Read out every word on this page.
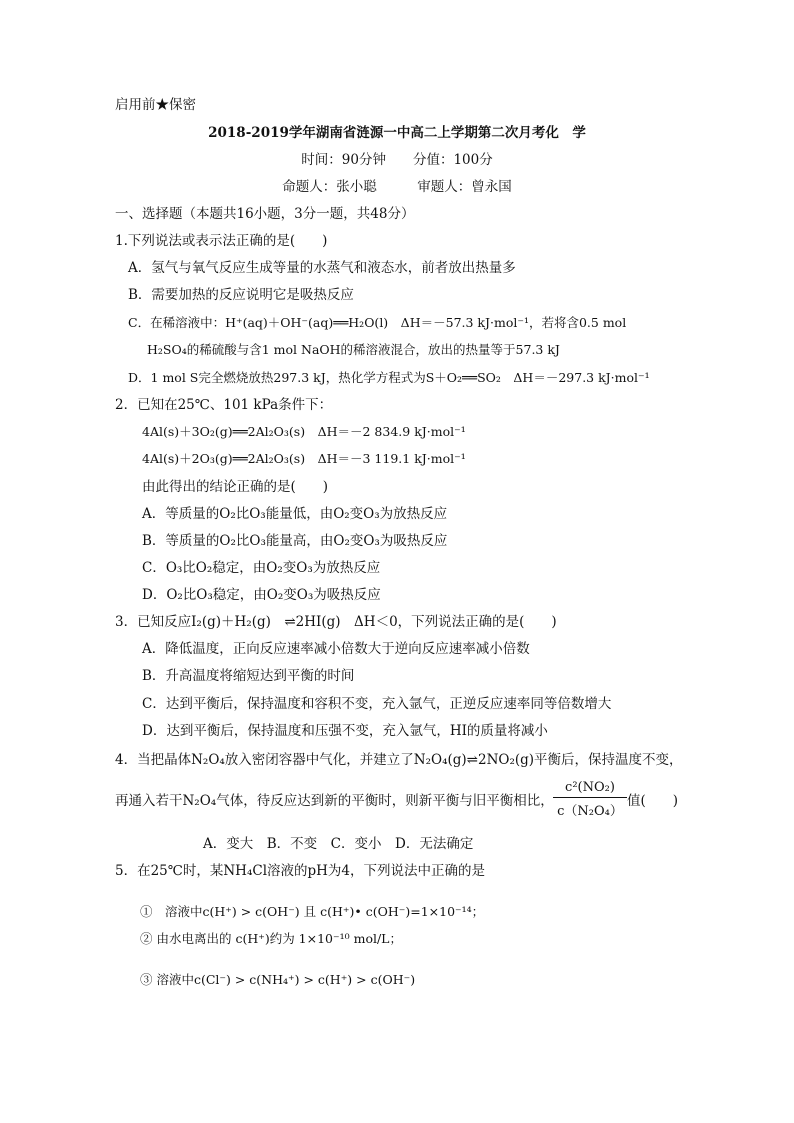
启用前★保密
2018-2019学年湖南省涟源一中高二上学期第二次月考化　学
时间：90分钟　　分值：100分
命题人：张小聪　　　审题人：曾永国
一、选择题（本题共16小题，3分一题，共48分）
1.下列说法或表示法正确的是(　　)
A．氢气与氧气反应生成等量的水蒸气和液态水，前者放出热量多
B．需要加热的反应说明它是吸热反应
C．在稀溶液中：H⁺(aq)＋OH⁻(aq)══H₂O(l)　ΔH＝－57.3 kJ·mol⁻¹，若将含0.5 mol
H₂SO₄的稀硫酸与含1 mol NaOH的稀溶液混合，放出的热量等于57.3 kJ
D．1 mol S完全燃烧放热297.3 kJ，热化学方程式为S＋O₂══SO₂　ΔH＝－297.3 kJ·mol⁻¹
2．已知在25℃、101 kPa条件下：
4Al(s)＋3O₂(g)══2Al₂O₃(s)　ΔH＝－2 834.9 kJ·mol⁻¹
4Al(s)＋2O₃(g)══2Al₂O₃(s)　ΔH＝－3 119.1 kJ·mol⁻¹
由此得出的结论正确的是(　　)
A．等质量的O₂比O₃能量低，由O₂变O₃为放热反应
B．等质量的O₂比O₃能量高，由O₂变O₃为吸热反应
C．O₃比O₂稳定，由O₂变O₃为放热反应
D．O₂比O₃稳定，由O₂变O₃为吸热反应
3．已知反应I₂(g)＋H₂(g)　⇌2HI(g)　ΔH＜0，下列说法正确的是(　　)
A．降低温度，正向反应速率减小倍数大于逆向反应速率减小倍数
B．升高温度将缩短达到平衡的时间
C．达到平衡后，保持温度和容积不变，充入氩气，正逆反应速率同等倍数增大
D．达到平衡后，保持温度和压强不变，充入氩气，HI的质量将减小
4．当把晶体N₂O₄放入密闭容器中气化，并建立了N₂O₄(g)⇌2NO₂(g)平衡后，保持温度不变，
再通入若干N₂O₄气体，待反应达到新的平衡时，则新平衡与旧平衡相比， $\frac{\text{c²(NO₂)}}{\text{c（N₂O₄）}}$ 值(　　)
A．变大　B．不变　C．变小　D．无法确定
5．在25℃时，某NH₄Cl溶液的pH为4，下列说法中正确的是
①　溶液中c(H⁺) > c(OH⁻) 且 c(H⁺)• c(OH⁻)=1×10⁻¹⁴；
② 由水电离出的 c(H⁺)约为 1×10⁻¹⁰ mol/L；
③ 溶液中c(Cl⁻) > c(NH₄⁺) > c(H⁺) > c(OH⁻)
